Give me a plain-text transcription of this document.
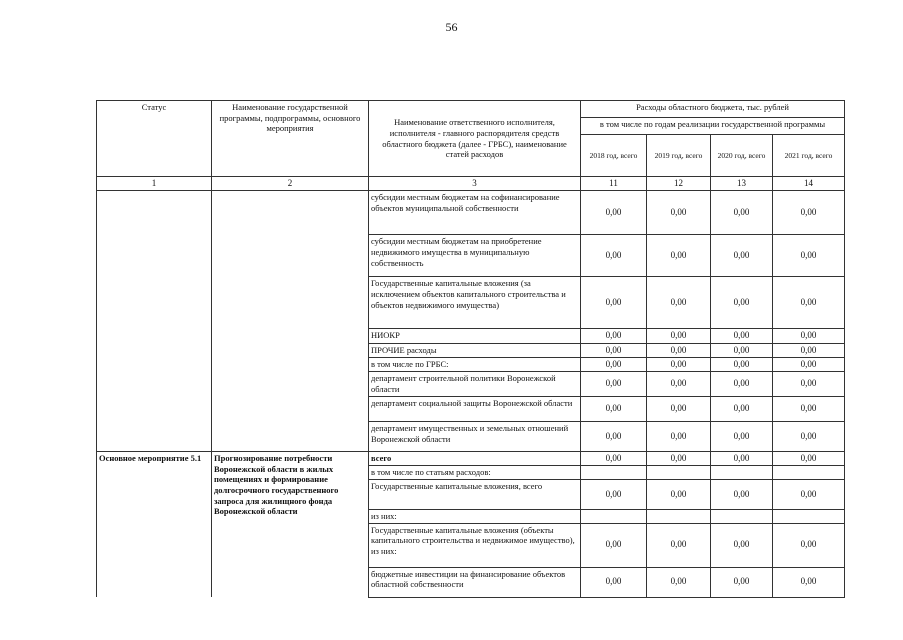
56
Статус	Наименование государственной программы, подпрограммы, основного мероприятия	Наименование ответственного исполнителя, исполнителя - главного распорядителя средств областного бюджета (далее - ГРБС), наименование статей расходов	Расходы областного бюджета, тыс. рублей			
			в том числе по годам реализации государственной программы			
			2018 год, всего	2019 год, всего	2020 год, всего	2021 год, всего
1	2	3	11	12	13	14
		субсидии местным бюджетам на софинансирование объектов муниципальной собственности	0,00	0,00	0,00	0,00
		субсидии местным бюджетам на приобретение недвижимого имущества в муниципальную собственность	0,00	0,00	0,00	0,00
		Государственные капитальные вложения (за исключением объектов капитального строительства и объектов недвижимого имущества)	0,00	0,00	0,00	0,00
		НИОКР	0,00	0,00	0,00	0,00
		ПРОЧИЕ расходы	0,00	0,00	0,00	0,00
		в том числе по ГРБС:	0,00	0,00	0,00	0,00
		департамент строительной политики Воронежской области	0,00	0,00	0,00	0,00
		департамент социальной защиты Воронежской области	0,00	0,00	0,00	0,00
		департамент имущественных и земельных отношений Воронежской области	0,00	0,00	0,00	0,00
Основное мероприятие 5.1	Прогнозирование потребности Воронежской области в жилых помещениях и формирование долгосрочного государственного запроса для жилищного фонда Воронежской области	всего	0,00	0,00	0,00	0,00
		в том числе по статьям расходов:				
		Государственные капитальные вложения, всего	0,00	0,00	0,00	0,00
		из них:				
		Государственные капитальные вложения (объекты капитального строительства и недвижимое имущество), из них:	0,00	0,00	0,00	0,00
		бюджетные инвестиции на финансирование объектов областной собственности	0,00	0,00	0,00	0,00
